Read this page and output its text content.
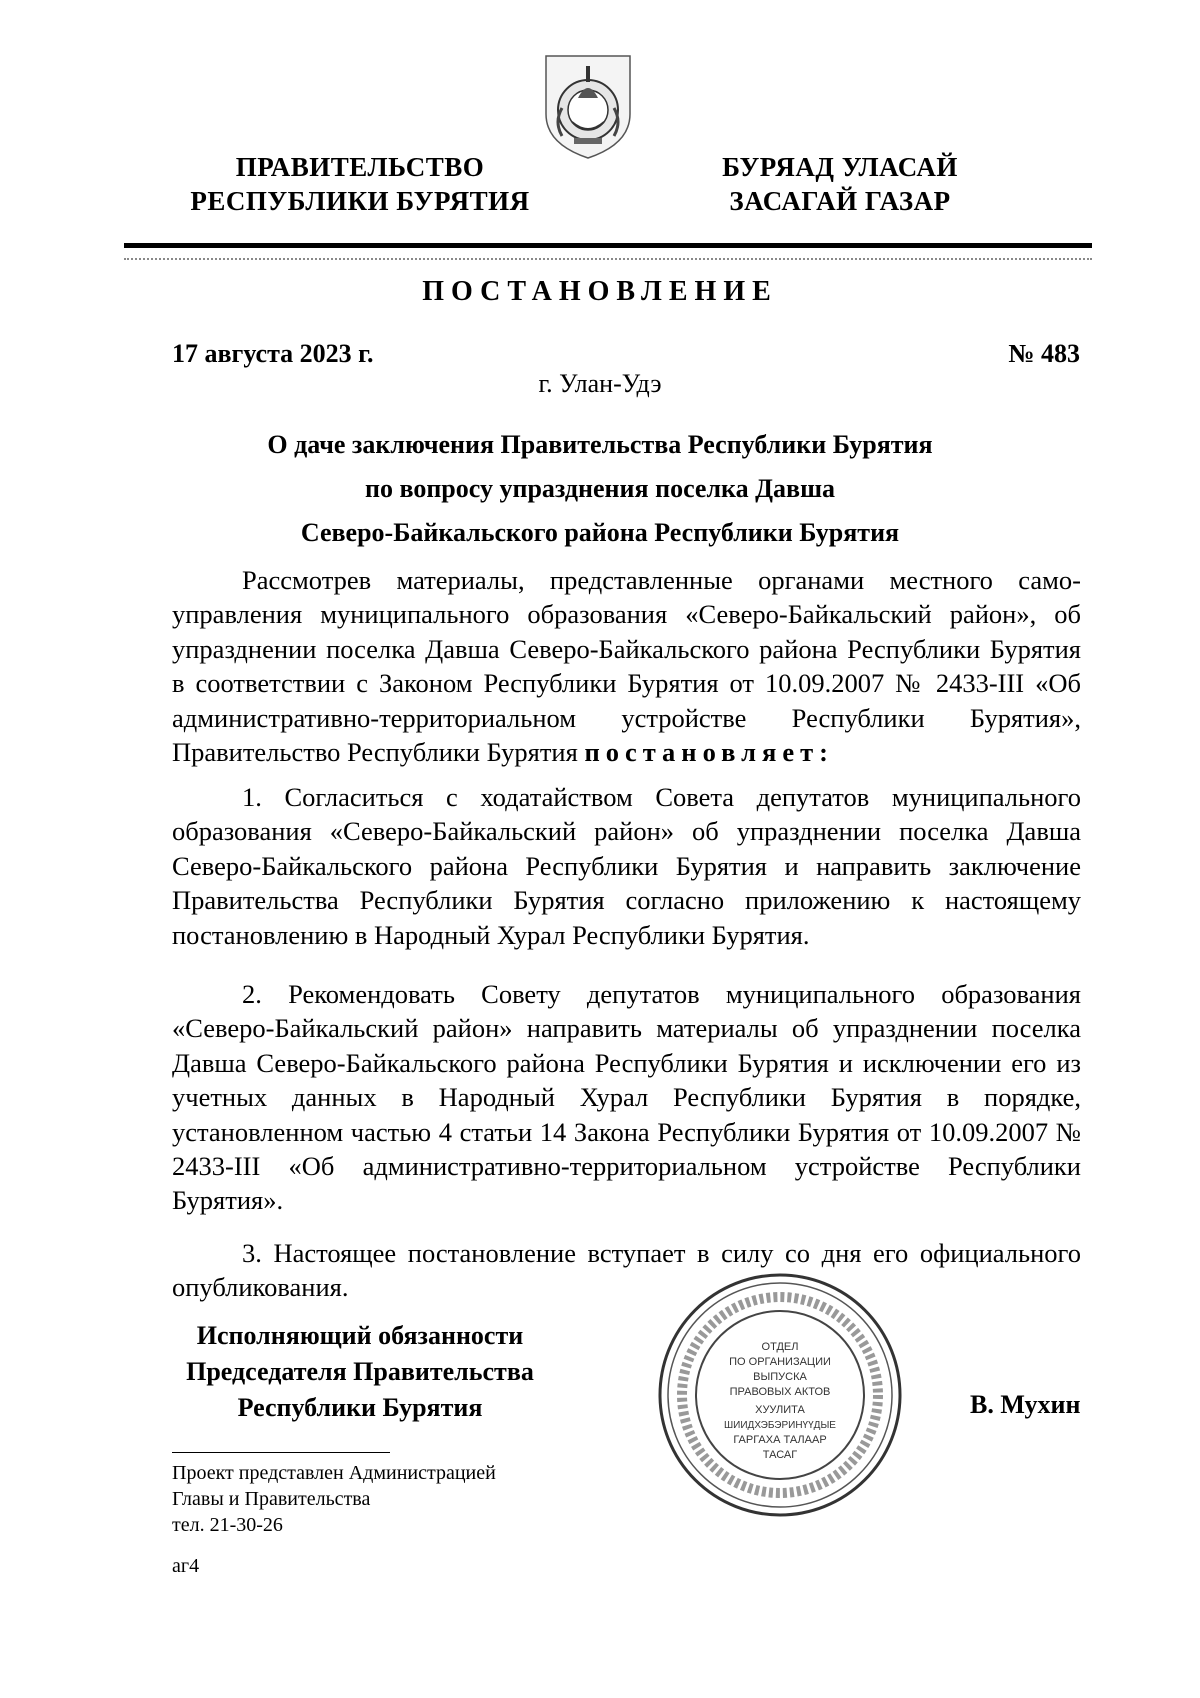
ПРАВИТЕЛЬСТВО
РЕСПУБЛИКИ БУРЯТИЯ
БУРЯАД УЛАСАЙ
ЗАСАГАЙ ГАЗАР
ПОСТАНОВЛЕНИЕ
17 августа 2023 г.	№ 483
г. Улан-Удэ
О даче заключения Правительства Республики Бурятия
по вопросу упразднения поселка Давша
Северо-Байкальского района Республики Бурятия

Рассмотрев материалы, представленные органами местного самоуправления муниципального образования «Северо-Байкальский район», об упразднении поселка Давша Северо-Байкальского района Республики Бурятия в соответствии с Законом Республики Бурятия от 10.09.2007 № 2433-III «Об административно-территориальном устройстве Республики Бурятия», Правительство Республики Бурятия постановляет:

1. Согласиться с ходатайством Совета депутатов муниципального образования «Северо-Байкальский район» об упразднении поселка Давша Северо-Байкальского района Республики Бурятия и направить заключение Правительства Республики Бурятия согласно приложению к настоящему постановлению в Народный Хурал Республики Бурятия.

2. Рекомендовать Совету депутатов муниципального образования «Северо-Байкальский район» направить материалы об упразднении поселка Давша Северо-Байкальского района Республики Бурятия и исключении его из учетных данных в Народный Хурал Республики Бурятия в порядке, установленном частью 4 статьи 14 Закона Республики Бурятия от 10.09.2007 № 2433-III «Об административно-территориальном устройстве Республики Бурятия».

3. Настоящее постановление вступает в силу со дня его официального опубликования.

Исполняющий обязанности
Председателя Правительства
Республики Бурятия	В. Мухин
ОТДЕЛ
ПО ОРГАНИЗАЦИИ
ВЫПУСКА
ПРАВОВЫХ АКТОВ
ХУУЛИТА
ШИИДХЭБЭРИНҮҮДЫЕ
ГАРГАХА ТАЛААР
ТАСАГ
Проект представлен Администрацией
Главы и Правительства
тел. 21-30-26
аг4
